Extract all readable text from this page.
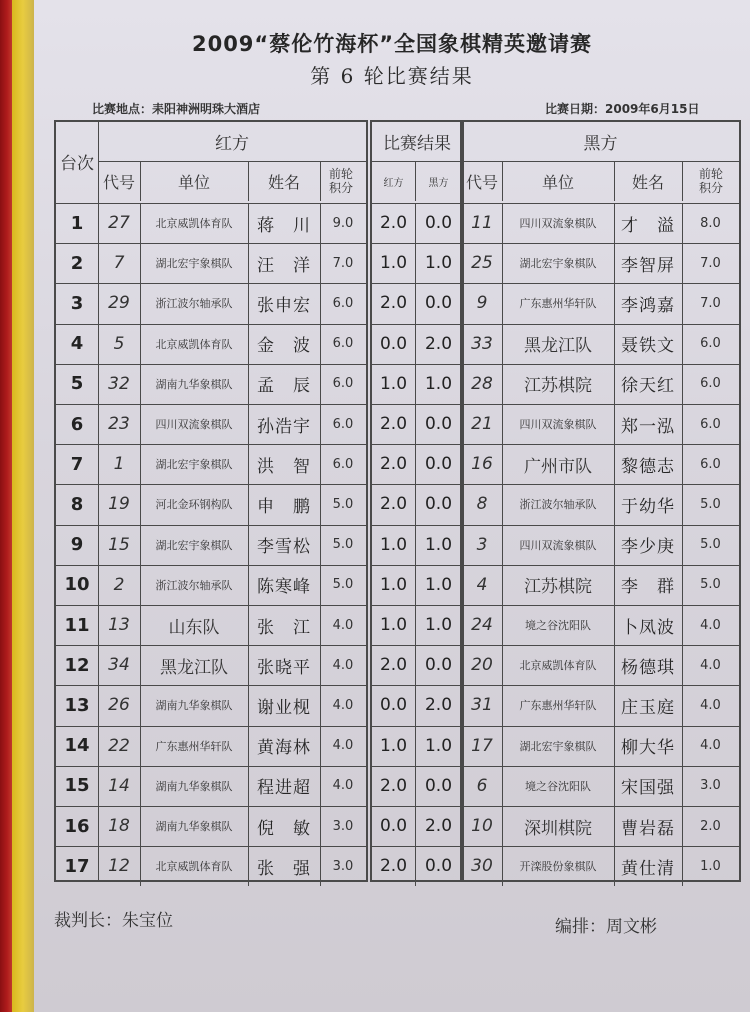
2009“蔡伦竹海杯”全国象棋精英邀请赛
第 6 轮比赛结果
比赛地点：耒阳神洲明珠大酒店	比赛日期：2009年6月15日
台次
红方
代号	单位	姓名	前轮积分
比赛结果
红方	黑方
黑方
代号	单位	姓名	前轮积分
1	27	北京威凯体育队	蒋　川	9.0	2.0	0.0	11	四川双流象棋队	才　溢	8.0
2	7	湖北宏宇象棋队	汪　洋	7.0	1.0	1.0	25	湖北宏宇象棋队	李智屏	7.0
3	29	浙江波尔轴承队	张申宏	6.0	2.0	0.0	9	广东惠州华轩队	李鸿嘉	7.0
4	5	北京威凯体育队	金　波	6.0	0.0	2.0	33	黑龙江队	聂铁文	6.0
5	32	湖南九华象棋队	孟　辰	6.0	1.0	1.0	28	江苏棋院	徐天红	6.0
6	23	四川双流象棋队	孙浩宇	6.0	2.0	0.0	21	四川双流象棋队	郑一泓	6.0
7	1	湖北宏宇象棋队	洪　智	6.0	2.0	0.0	16	广州市队	黎德志	6.0
8	19	河北金环钢构队	申　鹏	5.0	2.0	0.0	8	浙江波尔轴承队	于幼华	5.0
9	15	湖北宏宇象棋队	李雪松	5.0	1.0	1.0	3	四川双流象棋队	李少庚	5.0
10	2	浙江波尔轴承队	陈寒峰	5.0	1.0	1.0	4	江苏棋院	李　群	5.0
11	13	山东队	张　江	4.0	1.0	1.0	24	境之谷沈阳队	卜凤波	4.0
12	34	黑龙江队	张晓平	4.0	2.0	0.0	20	北京威凯体育队	杨德琪	4.0
13	26	湖南九华象棋队	谢业枧	4.0	0.0	2.0	31	广东惠州华轩队	庄玉庭	4.0
14	22	广东惠州华轩队	黄海林	4.0	1.0	1.0	17	湖北宏宇象棋队	柳大华	4.0
15	14	湖南九华象棋队	程进超	4.0	2.0	0.0	6	境之谷沈阳队	宋国强	3.0
16	18	湖南九华象棋队	倪　敏	3.0	0.0	2.0	10	深圳棋院	曹岩磊	2.0
17	12	北京威凯体育队	张　强	3.0	2.0	0.0	30	开滦股份象棋队	黄仕清	1.0
裁判长：朱宝位	编排：周文彬
